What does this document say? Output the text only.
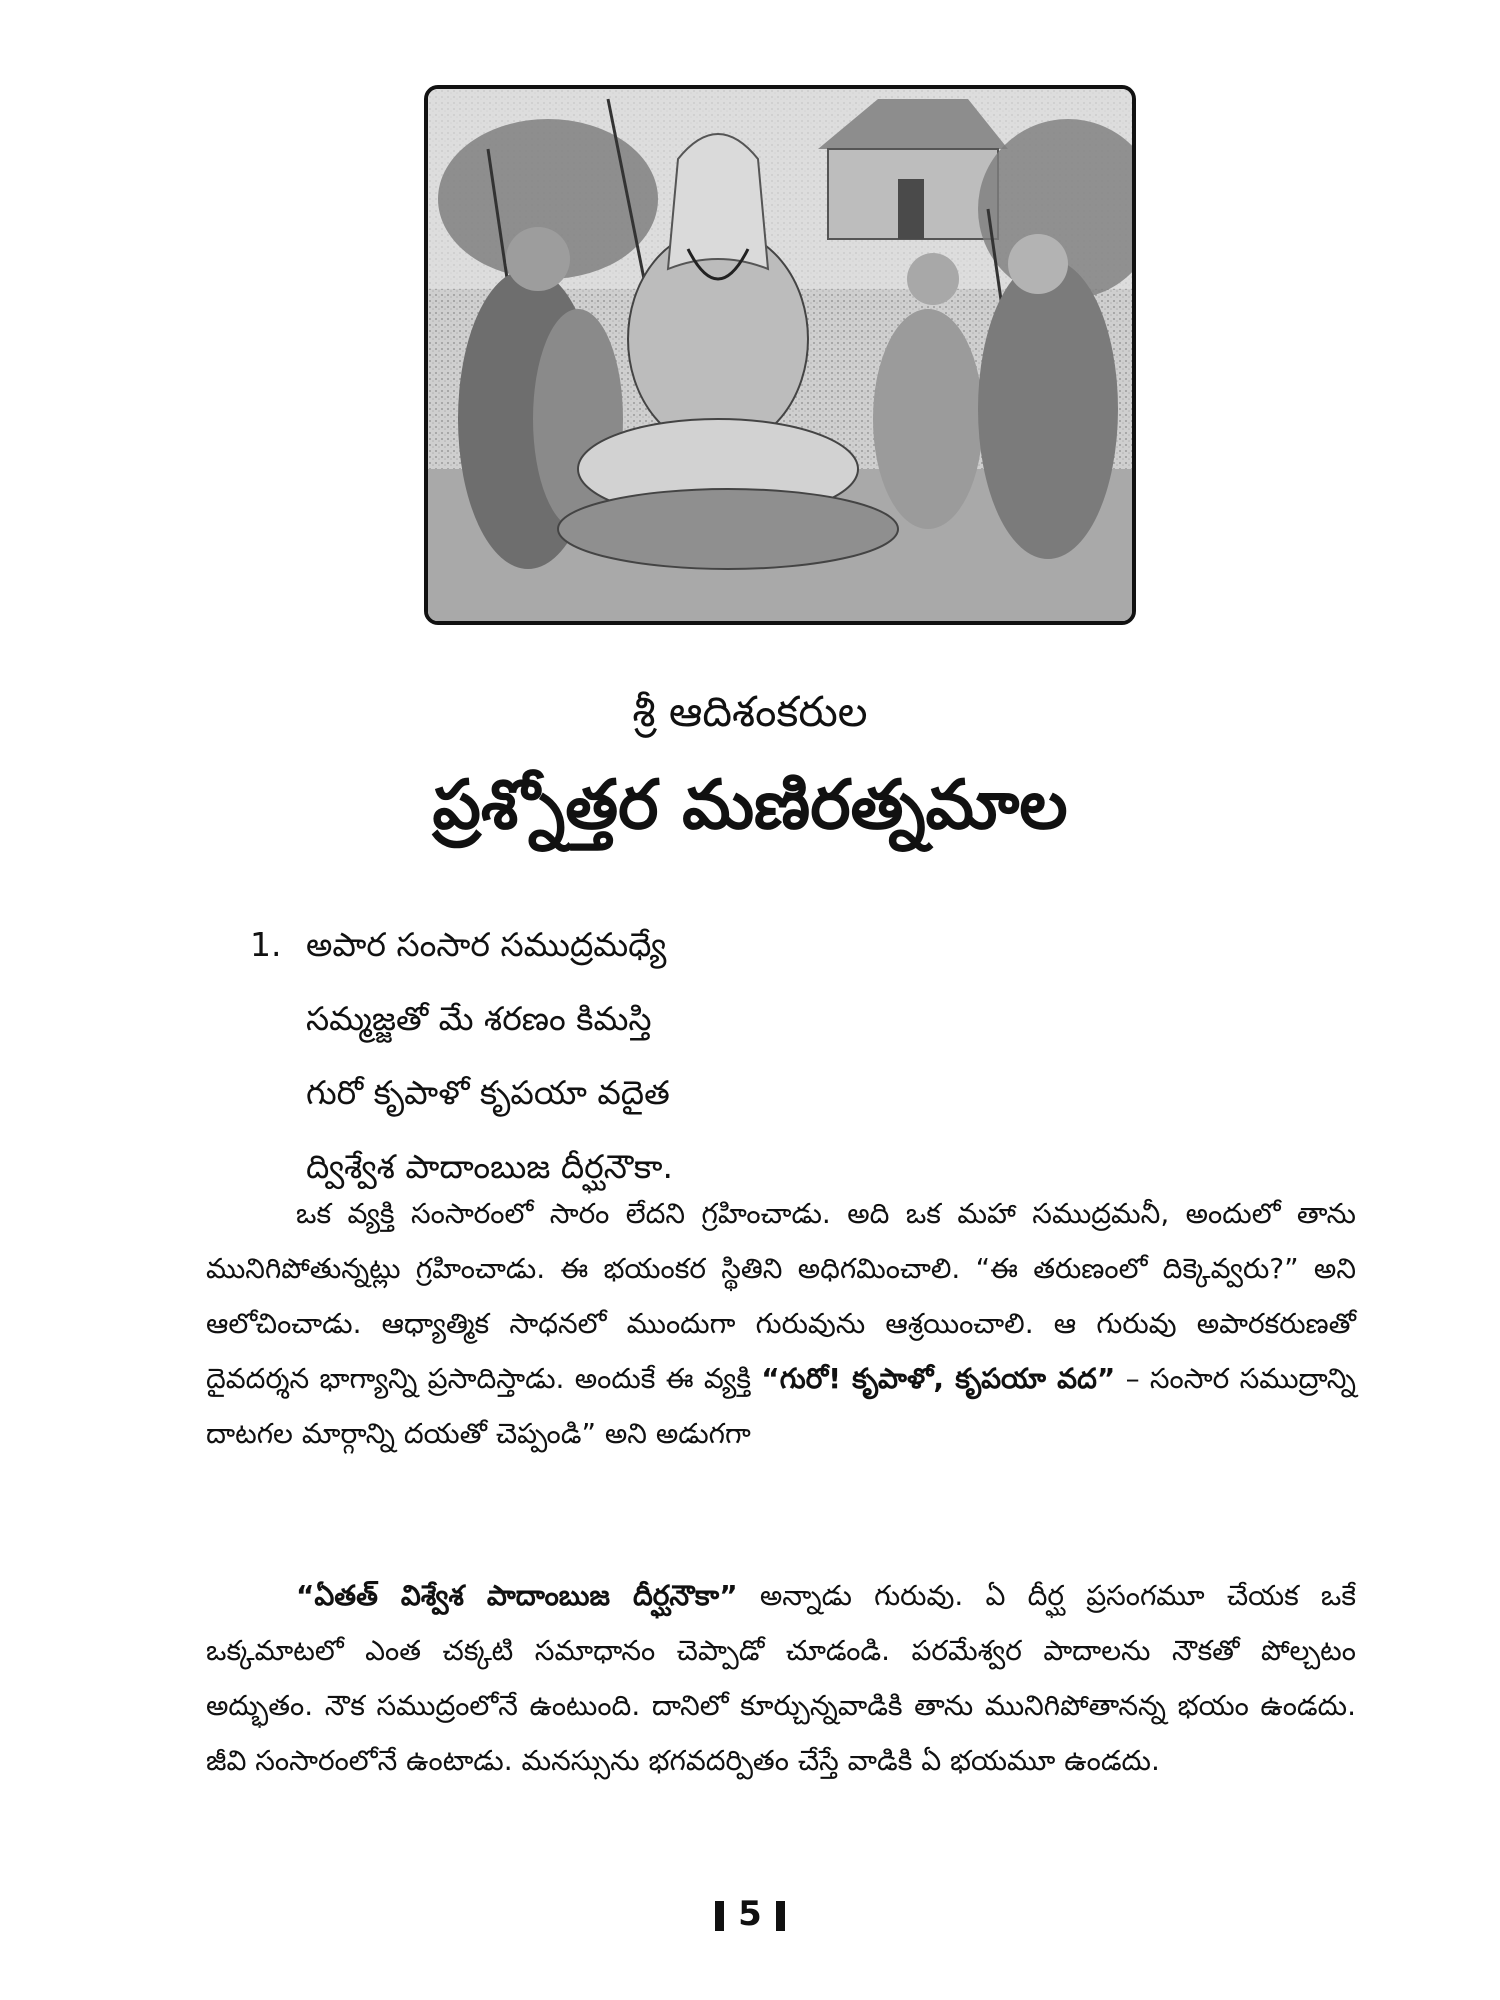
శ్రీ ఆదిశంకరుల
ప్రశ్నోత్తర మణిరత్నమాల
1. అపార సంసార సముద్రమధ్యే
సమ్మజ్జతో మే శరణం కిమస్తి
గురో కృపాళో కృపయా వదైత
ద్విశ్వేశ పాదాంబుజ దీర్ఘనౌకా.

ఒక వ్యక్తి సంసారంలో సారం లేదని గ్రహించాడు. అది ఒక మహా సముద్రమనీ, అందులో తాను మునిగిపోతున్నట్లు గ్రహించాడు. ఈ భయంకర స్థితిని అధిగమించాలి. “ఈ తరుణంలో దిక్కెవ్వరు?” అని ఆలోచించాడు. ఆధ్యాత్మిక సాధనలో ముందుగా గురువును ఆశ్రయించాలి. ఆ గురువు అపారకరుణతో దైవదర్శన భాగ్యాన్ని ప్రసాదిస్తాడు. అందుకే ఈ వ్యక్తి “గురో! కృపాళో, కృపయా వద” – సంసార సముద్రాన్ని దాటగల మార్గాన్ని దయతో చెప్పండి” అని అడుగగా

“ఏతత్ విశ్వేశ పాదాంబుజ దీర్ఘనౌకా” అన్నాడు గురువు. ఏ దీర్ఘ ప్రసంగమూ చేయక ఒకే ఒక్కమాటలో ఎంత చక్కటి సమాధానం చెప్పాడో చూడండి. పరమేశ్వర పాదాలను నౌకతో పోల్చటం అద్భుతం. నౌక సముద్రంలోనే ఉంటుంది. దానిలో కూర్చున్నవాడికి తాను మునిగిపోతానన్న భయం ఉండదు. జీవి సంసారంలోనే ఉంటాడు. మనస్సును భగవదర్పితం చేస్తే వాడికి ఏ భయమూ ఉండదు.

5
